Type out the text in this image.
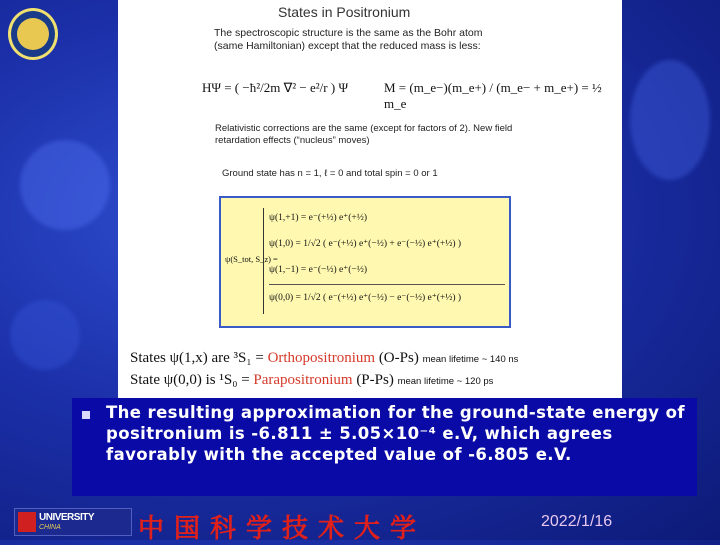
States in Positronium
The spectroscopic structure is the same as the Bohr atom (same Hamiltonian) except that the reduced mass is less:
HΨ = ( −ħ²/2m ∇² − e²/r ) Ψ	M = (m_e−)(m_e+) / (m_e− + m_e+) = ½ m_e
Relativistic corrections are the same (except for factors of 2). New field retardation effects (“nucleus” moves)
Ground state has n = 1, ℓ = 0 and total spin = 0 or 1
ψ(S_tot, S_z) =
ψ(1,+1) = e⁻(+½) e⁺(+½)
ψ(1,0) = 1/√2 ( e⁻(+½) e⁺(−½) + e⁻(−½) e⁺(+½) )
ψ(1,−1) = e⁻(−½) e⁺(−½)
ψ(0,0) = 1/√2 ( e⁻(+½) e⁺(−½) − e⁻(−½) e⁺(+½) )
States ψ(1,x) are ³S₁ = Orthopositronium (O-Ps) mean lifetime ~ 140 ns
State ψ(0,0) is ¹S₀ = Parapositronium (P-Ps) mean lifetime ~ 120 ps
The resulting approximation for the ground-state energy of positronium is -6.811 ± 5.05×10⁻⁴ e.V, which agrees favorably with the accepted value of -6.805 e.V.
UNIVERSITY
CHINA	中国科学技术大学	2022/1/16
